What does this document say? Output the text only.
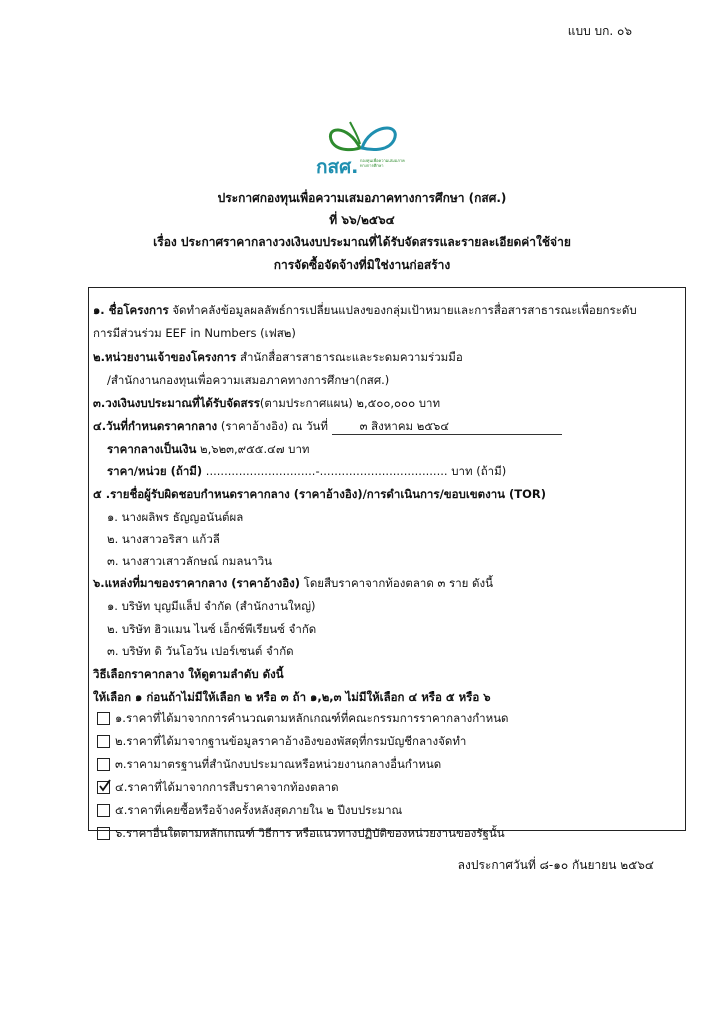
แบบ บก. ๐๖
กสศ. กองทุนเพื่อความเสมอภาคทางการศึกษา
ประกาศกองทุนเพื่อความเสมอภาคทางการศึกษา (กสศ.)
ที่ ๖๖/๒๕๖๔
เรื่อง ประกาศราคากลางวงเงินงบประมาณที่ได้รับจัดสรรและรายละเอียดค่าใช้จ่าย
การจัดซื้อจัดจ้างที่มิใช่งานก่อสร้าง
๑. ชื่อโครงการ จัดทำคลังข้อมูลผลลัพธ์การเปลี่ยนแปลงของกลุ่มเป้าหมายและการสื่อสารสาธารณะเพื่อยกระดับ
การมีส่วนร่วม EEF in Numbers (เฟส๒)
๒.หน่วยงานเจ้าของโครงการ สำนักสื่อสารสาธารณะและระดมความร่วมมือ
/สำนักงานกองทุนเพื่อความเสมอภาคทางการศึกษา(กสศ.)
๓.วงเงินงบประมาณที่ได้รับจัดสรร(ตามประกาศแผน) ๒,๕๐๐,๐๐๐ บาท
๔.วันที่กำหนดราคากลาง (ราคาอ้างอิง) ณ วันที่	๓ สิงหาคม ๒๕๖๔
ราคากลางเป็นเงิน ๒,๖๒๓,๙๕๕.๔๗ บาท
ราคา/หน่วย (ถ้ามี) ..............................-................................... บาท (ถ้ามี)
๕ .รายชื่อผู้รับผิดชอบกำหนดราคากลาง (ราคาอ้างอิง)/การดำเนินการ/ขอบเขตงาน (TOR)
๑. นางผลิพร ธัญญอนันต์ผล
๒. นางสาวอริสา แก้วลี
๓. นางสาวเสาวลักษณ์ กมลนาวิน
๖.แหล่งที่มาของราคากลาง (ราคาอ้างอิง) โดยสืบราคาจากท้องตลาด ๓ ราย ดังนี้
๑. บริษัท บุญมีแล็ป จำกัด (สำนักงานใหญ่)
๒. บริษัท ฮิวแมน ไนซ์ เอ็กซ์พีเรียนซ์ จำกัด
๓. บริษัท ดิ วันโอวัน เปอร์เซนต์ จำกัด
วิธีเลือกราคากลาง ให้ดูตามลำดับ ดังนี้
ให้เลือก ๑ ก่อนถ้าไม่มีให้เลือก ๒ หรือ ๓ ถ้า ๑,๒,๓ ไม่มีให้เลือก ๔ หรือ ๕ หรือ ๖
๑.ราคาที่ได้มาจากการคำนวณตามหลักเกณฑ์ที่คณะกรรมการราคากลางกำหนด
๒.ราคาที่ได้มาจากฐานข้อมูลราคาอ้างอิงของพัสดุที่กรมบัญชีกลางจัดทำ
๓.ราคามาตรฐานที่สำนักงบประมาณหรือหน่วยงานกลางอื่นกำหนด
๔.ราคาที่ได้มาจากการสืบราคาจากท้องตลาด
๕.ราคาที่เคยซื้อหรือจ้างครั้งหลังสุดภายใน ๒ ปีงบประมาณ
๖.ราคาอื่นใดตามหลักเกณฑ์ วิธีการ หรือแนวทางปฏิบัติของหน่วยงานของรัฐนั้น
ลงประกาศวันที่ ๘-๑๐ กันยายน ๒๕๖๔
